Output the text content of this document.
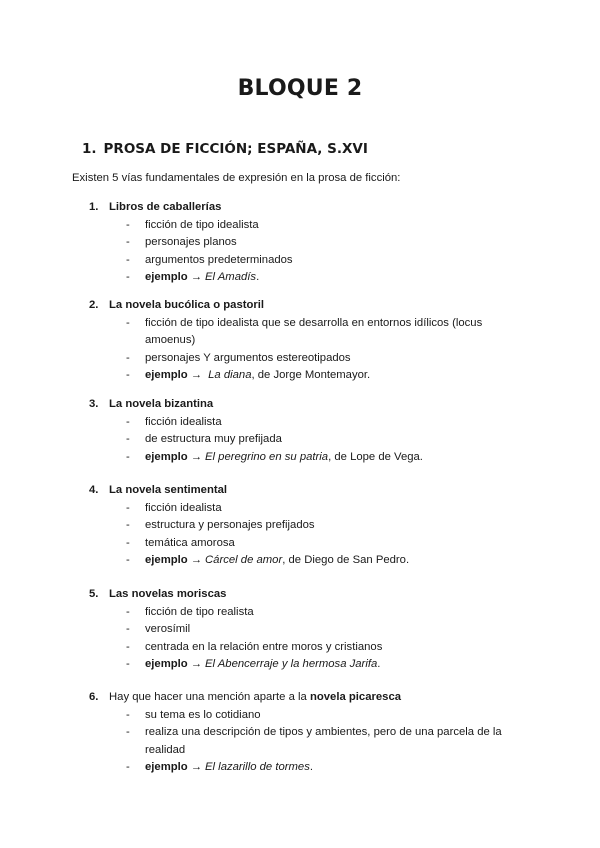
BLOQUE 2
1. PROSA DE FICCIÓN; ESPAÑA, S.XVI
Existen 5 vías fundamentales de expresión en la prosa de ficción:
1. Libros de caballerías
- ficción de tipo idealista
- personajes planos
- argumentos predeterminados
- ejemplo → El Amadís.
2. La novela bucólica o pastoril
- ficción de tipo idealista que se desarrolla en entornos idílicos (locus amoenus)
- personajes Y argumentos estereotipados
- ejemplo → La diana, de Jorge Montemayor.
3. La novela bizantina
- ficción idealista
- de estructura muy prefijada
- ejemplo → El peregrino en su patria, de Lope de Vega.
4. La novela sentimental
- ficción idealista
- estructura y personajes prefijados
- temática amorosa
- ejemplo → Cárcel de amor, de Diego de San Pedro.
5. Las novelas moriscas
- ficción de tipo realista
- verosímil
- centrada en la relación entre moros y cristianos
- ejemplo → El Abencerraje y la hermosa Jarifa.
6. Hay que hacer una mención aparte a la novela picaresca
- su tema es lo cotidiano
- realiza una descripción de tipos y ambientes, pero de una parcela de la realidad
- ejemplo → El lazarillo de tormes.
